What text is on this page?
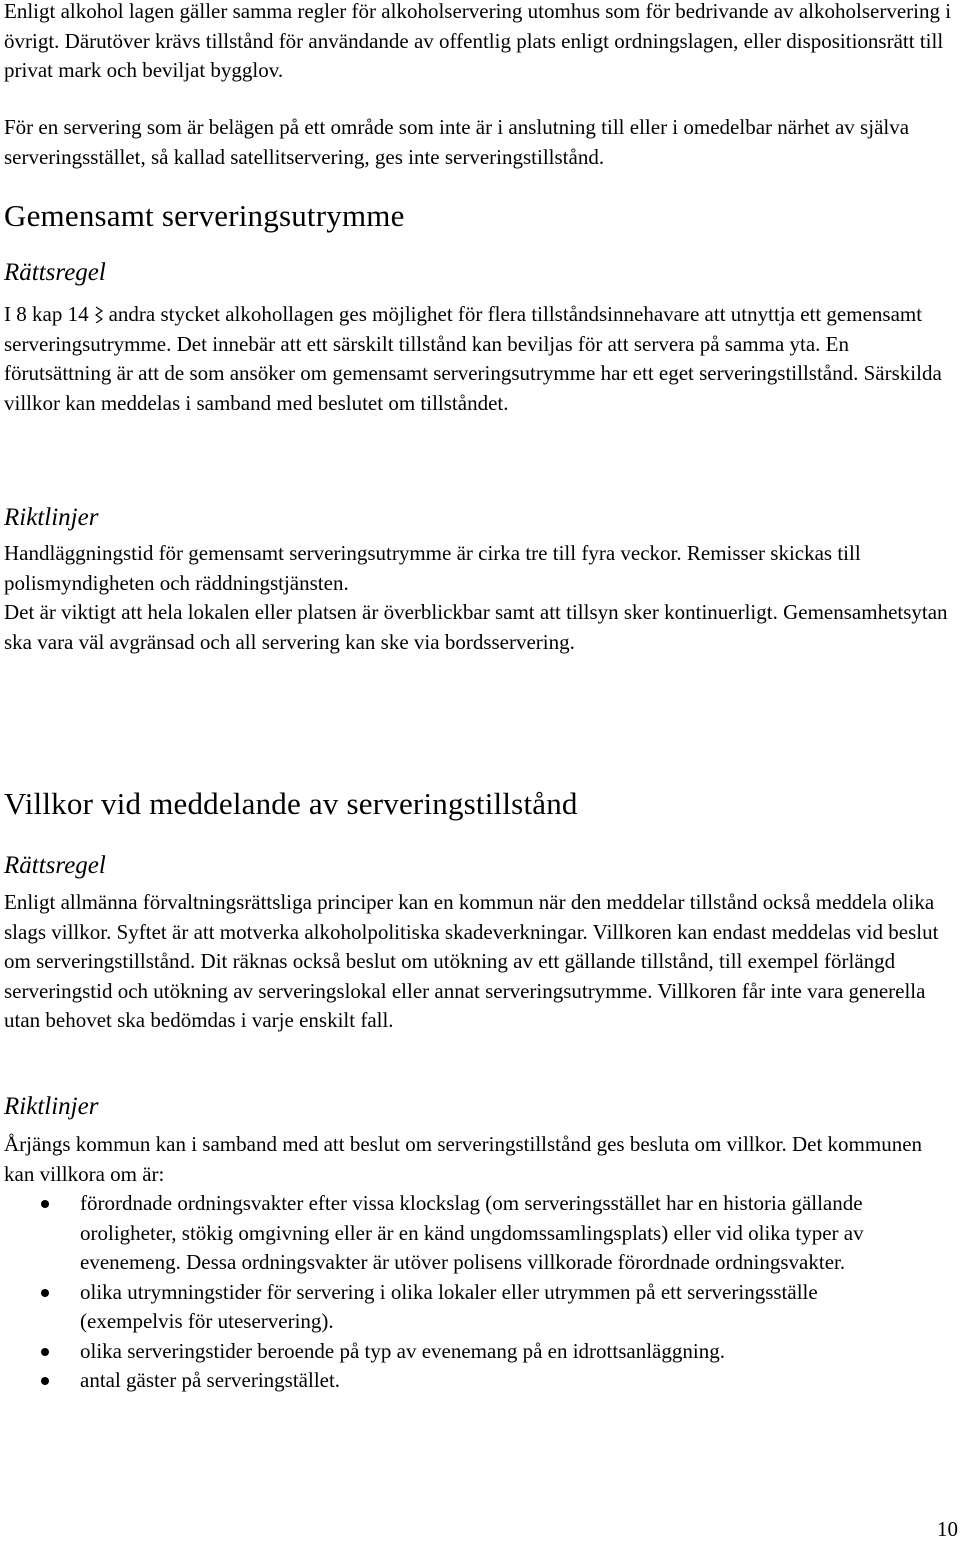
Enligt alkohol lagen gäller samma regler för alkoholservering utomhus som för bedrivande av alkoholservering i övrigt. Därutöver krävs tillstånd för användande av offentlig plats enligt ordningslagen, eller dispositionsrätt till privat mark och beviljat bygglov.

För en servering som är belägen på ett område som inte är i anslutning till eller i omedelbar närhet av själva serveringsstället, så kallad satellitservering, ges inte serveringstillstånd.

Gemensamt serveringsutrymme
Rättsregel

I 8 kap 14 andra stycket alkohollagen ges möjlighet för flera tillståndsinnehavare att utnyttja ett gemensamt serveringsutrymme. Det innebär att ett särskilt tillstånd kan beviljas för att servera på samma yta. En förutsättning är att de som ansöker om gemensamt serveringsutrymme har ett eget serveringstillstånd. Särskilda villkor kan meddelas i samband med beslutet om tillståndet.

Riktlinjer

Handläggningstid för gemensamt serveringsutrymme är cirka tre till fyra veckor. Remisser skickas till polismyndigheten och räddningstjänsten.

Det är viktigt att hela lokalen eller platsen är överblickbar samt att tillsyn sker kontinuerligt. Gemensamhetsytan ska vara väl avgränsad och all servering kan ske via bordsservering.

Villkor vid meddelande av serveringstillstånd
Rättsregel

Enligt allmänna förvaltningsrättsliga principer kan en kommun när den meddelar tillstånd också meddela olika slags villkor. Syftet är att motverka alkoholpolitiska skadeverkningar. Villkoren kan endast meddelas vid beslut om serveringstillstånd. Dit räknas också beslut om utökning av ett gällande tillstånd, till exempel förlängd serveringstid och utökning av serveringslokal eller annat serveringsutrymme. Villkoren får inte vara generella utan behovet ska bedömdas i varje enskilt fall.

Riktlinjer

Årjängs kommun kan i samband med att beslut om serveringstillstånd ges besluta om villkor. Det kommunen kan villkora om är:

förordnade ordningsvakter efter vissa klockslag (om serveringsstället har en historia gällande oroligheter, stökig omgivning eller är en känd ungdomssamlingsplats) eller vid olika typer av evenemeng. Dessa ordningsvakter är utöver polisens villkorade förordnade ordningsvakter.
olika utrymningstider för servering i olika lokaler eller utrymmen på ett serveringsställe (exempelvis för uteservering).
olika serveringstider beroende på typ av evenemang på en idrottsanläggning.
antal gäster på serveringstället.
10
